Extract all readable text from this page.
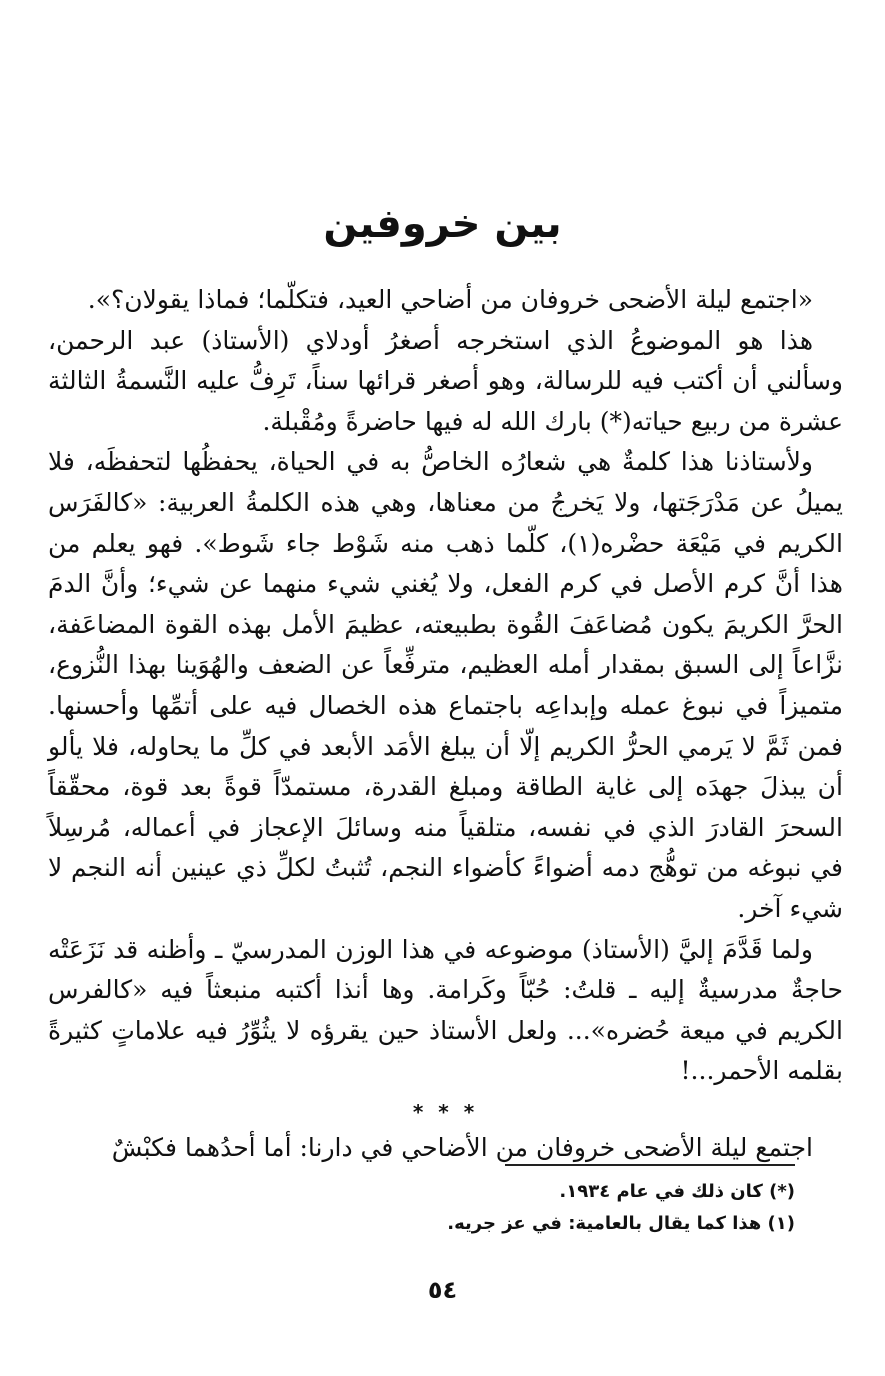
بين خروفين

«اجتمع ليلة الأضحى خروفان من أضاحي العيد، فتكلّما؛ فماذا يقولان؟».

هذا هو الموضوعُ الذي استخرجه أصغرُ أودلاي (الأستاذ) عبد الرحمن، وسألني أن أكتب فيه للرسالة، وهو أصغر قرائها سناً، تَرِفُّ عليه النَّسمةُ الثالثة عشرة من ربيع حياته(*) بارك الله له فيها حاضرةً ومُقْبلة.

ولأستاذنا هذا كلمةٌ هي شعارُه الخاصُّ به في الحياة، يحفظُها لتحفظَه، فلا يميلُ عن مَدْرَجَتها، ولا يَخرجُ من معناها، وهي هذه الكلمةُ العربية: «كالفَرَس الكريم في مَيْعَة حضْره(١)، كلّما ذهب منه شَوْط جاء شَوط». فهو يعلم من هذا أنَّ كرم الأصل في كرم الفعل، ولا يُغني شيء منهما عن شيء؛ وأنَّ الدمَ الحرَّ الكريمَ يكون مُضاعَفَ القُوة بطبيعته، عظيمَ الأمل بهذه القوة المضاعَفة، نزَّاعاً إلى السبق بمقدار أمله العظيم، مترفِّعاً عن الضعف والهُوَينا بهذا النُّزوع، متميزاً في نبوغ عمله وإبداعِه باجتماع هذه الخصال فيه على أتمِّها وأحسنها. فمن ثَمَّ لا يَرمي الحرُّ الكريم إلّا أن يبلغ الأمَد الأبعد في كلِّ ما يحاوله، فلا يألو أن يبذلَ جهدَه إلى غاية الطاقة ومبلغ القدرة، مستمدّاً قوةً بعد قوة، محقّقاً السحرَ القادرَ الذي في نفسه، متلقياً منه وسائلَ الإعجاز في أعماله، مُرسِلاً في نبوغه من توهُّج دمه أضواءً كأضواء النجم، تُثبتُ لكلِّ ذي عينين أنه النجم لا شيء آخر.

ولما قَدَّمَ إليَّ (الأستاذ) موضوعه في هذا الوزن المدرسيّ ـ وأظنه قد نَزَعَتْه حاجةٌ مدرسيةٌ إليه ـ قلتُ: حُبّاً وكَرامة. وها أنذا أكتبه منبعثاً فيه «كالفرس الكريم في ميعة حُضره»... ولعل الأستاذ حين يقرؤه لا يثُوِّرُ فيه علاماتٍ كثيرةً بقلمه الأحمر...!

* * *

اجتمع ليلة الأضحى خروفان من الأضاحي في دارنا: أما أحدُهما فكبْشٌ

(*) كان ذلك في عام ١٩٣٤.
(١) هذا كما يقال بالعامية: في عز جريه.
٥٤
